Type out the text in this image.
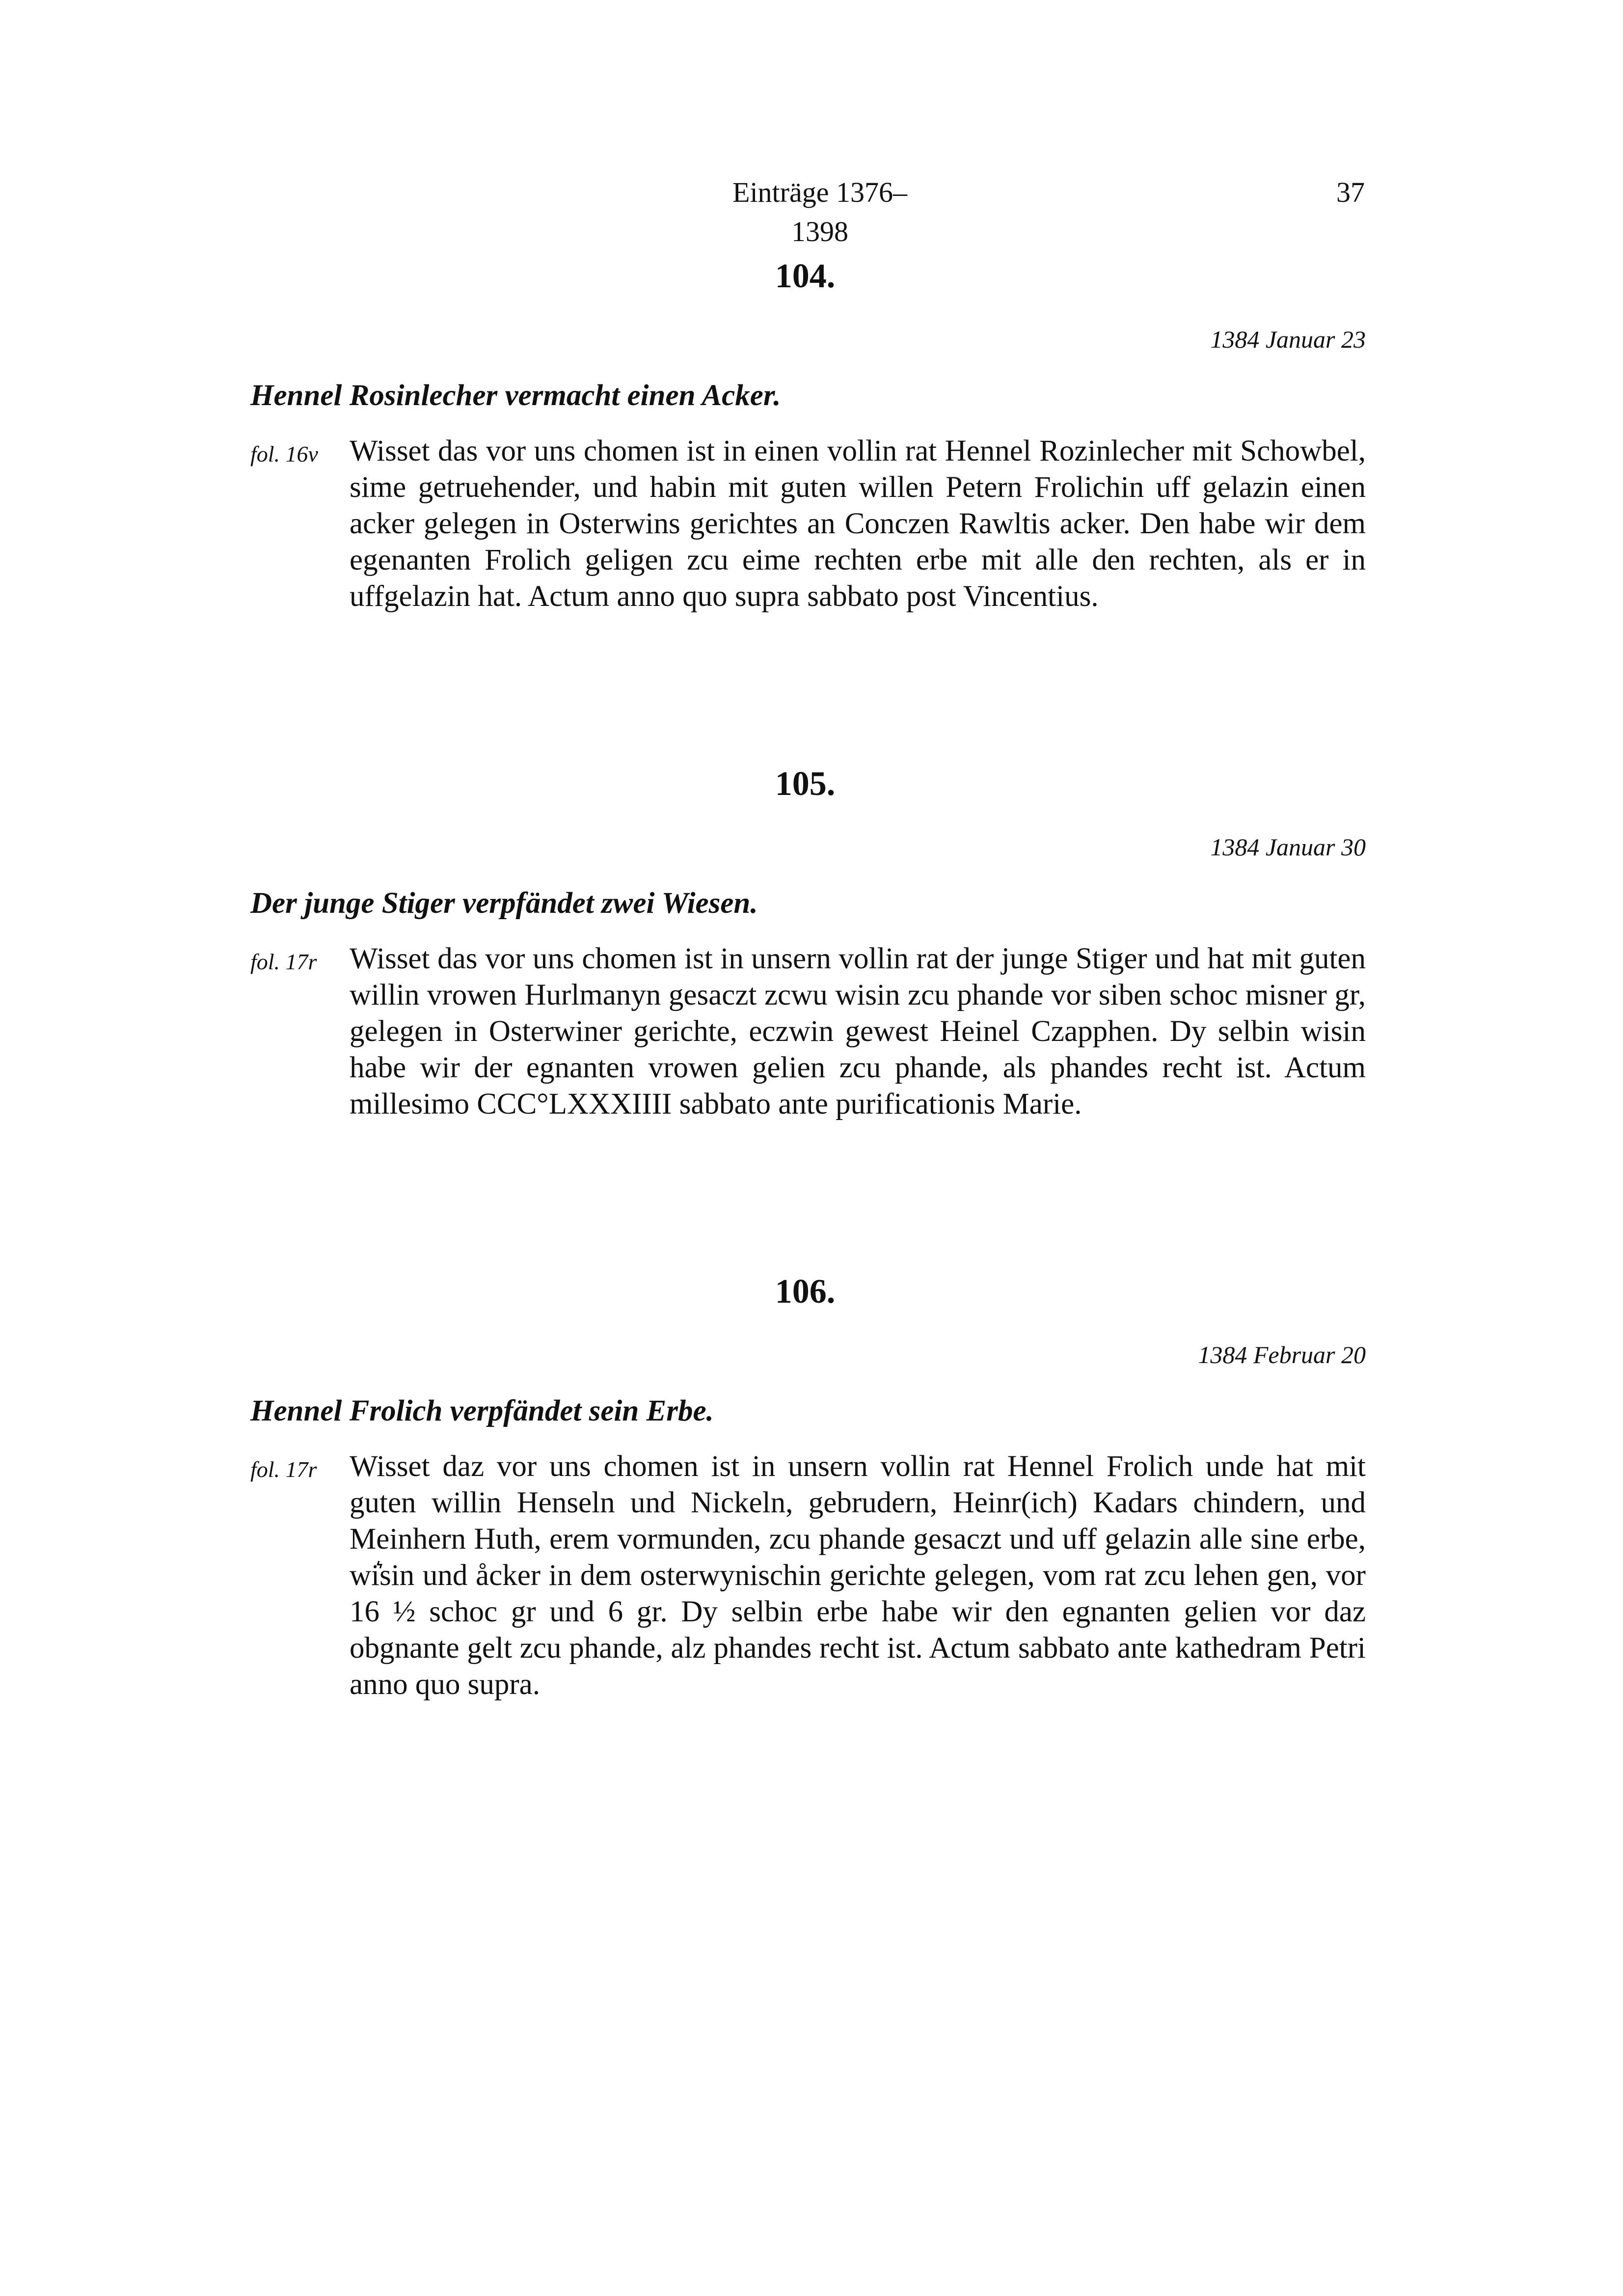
Einträge 1376–1398
37
104.
1384 Januar 23
Hennel Rosinlecher vermacht einen Acker.
fol. 16v	Wisset das vor uns chomen ist in einen vollin rat Hennel Rozinlecher mit Schowbel, sime getruehender, und habin mit guten willen Petern Frolichin uff gelazin einen acker gelegen in Osterwins gerichtes an Conczen Rawltis acker. Den habe wir dem egenanten Frolich geligen zcu eime rechten erbe mit alle den rechten, als er in uffgelazin hat. Actum anno quo supra sabbato post Vincentius.

105.
1384 Januar 30
Der junge Stiger verpfändet zwei Wiesen.
fol. 17r	Wisset das vor uns chomen ist in unsern vollin rat der junge Stiger und hat mit guten willin vrowen Hurlmanyn gesaczt zcwu wisin zcu phande vor siben schoc misner gr, gelegen in Osterwiner gerichte, eczwin gewest Heinel Czapphen. Dy selbin wisin habe wir der egnanten vrowen gelien zcu phande, als phandes recht ist. Actum millesimo CCC°LXXXIIII sabbato ante purificationis Marie.

106.
1384 Februar 20
Hennel Frolich verpfändet sein Erbe.
fol. 17r	Wisset daz vor uns chomen ist in unsern vollin rat Hennel Frolich unde hat mit guten willin Henseln und Nickeln, gebrudern, Heinr(ich) Kadars chindern, und Meinhern Huth, erem vormunden, zcu phande gesaczt und uff gelazin alle sine erbe, wi͛sin und åcker in dem osterwynischin gerichte gelegen, vom rat zcu lehen gen, vor 16 ½ schoc gr und 6 gr. Dy selbin erbe habe wir den egnanten gelien vor daz obgnante gelt zcu phande, alz phandes recht ist. Actum sabbato ante kathedram Petri anno quo supra.
